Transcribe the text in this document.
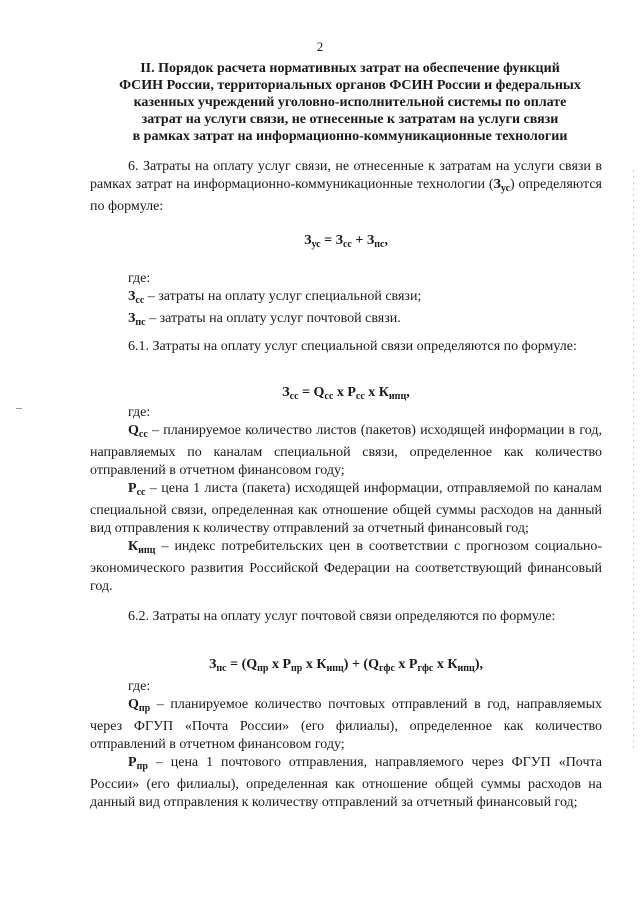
2
II. Порядок расчета нормативных затрат на обеспечение функций
ФСИН России, территориальных органов ФСИН России и федеральных
казенных учреждений уголовно-исполнительной системы по оплате
затрат на услуги связи, не отнесенные к затратам на услуги связи
в рамках затрат на информационно-коммуникационные технологии

6. Затраты на оплату услуг связи, не отнесенные к затратам на услуги связи в рамках затрат на информационно-коммуникационные технологии $(З_{ус})$ определяются по формуле:

$З_{ус} = З_{сс} + З_{пс}$,

где:

$З_{сс}$ – затраты на оплату услуг специальной связи;

$З_{пс}$ – затраты на оплату услуг почтовой связи.

6.1. Затраты на оплату услуг специальной связи определяются по формуле:

$З_{сс} = Q_{сс}$ х $Р_{сс}$ х $К_{ипц}$,

где:

$Q_{сс}$ – планируемое количество листов (пакетов) исходящей информации в год, направляемых по каналам специальной связи, определенное как количество отправлений в отчетном финансовом году;

$Р_{сс}$ – цена 1 листа (пакета) исходящей информации, отправляемой по каналам специальной связи, определенная как отношение общей суммы расходов на данный вид отправления к количеству отправлений за отчетный финансовый год;

$К_{ипц}$ – индекс потребительских цен в соответствии с прогнозом социально-экономического развития Российской Федерации на соответствующий финансовый год.

6.2. Затраты на оплату услуг почтовой связи определяются по формуле:

$З_{пс} = (Q_{пр}$ х $Р_{пр}$ х $К_{ипц}) + (Q_{гфс}$ х $Р_{гфс}$ х $К_{ипц}$),

где:

$Q_{пр}$ – планируемое количество почтовых отправлений в год, направляемых через ФГУП «Почта России» (его филиалы), определенное как количество отправлений в отчетном финансовом году;

$Р_{пр}$ – цена 1 почтового отправления, направляемого через ФГУП «Почта России» (его филиалы), определенная как отношение общей суммы расходов на данный вид отправления к количеству отправлений за отчетный финансовый год;
